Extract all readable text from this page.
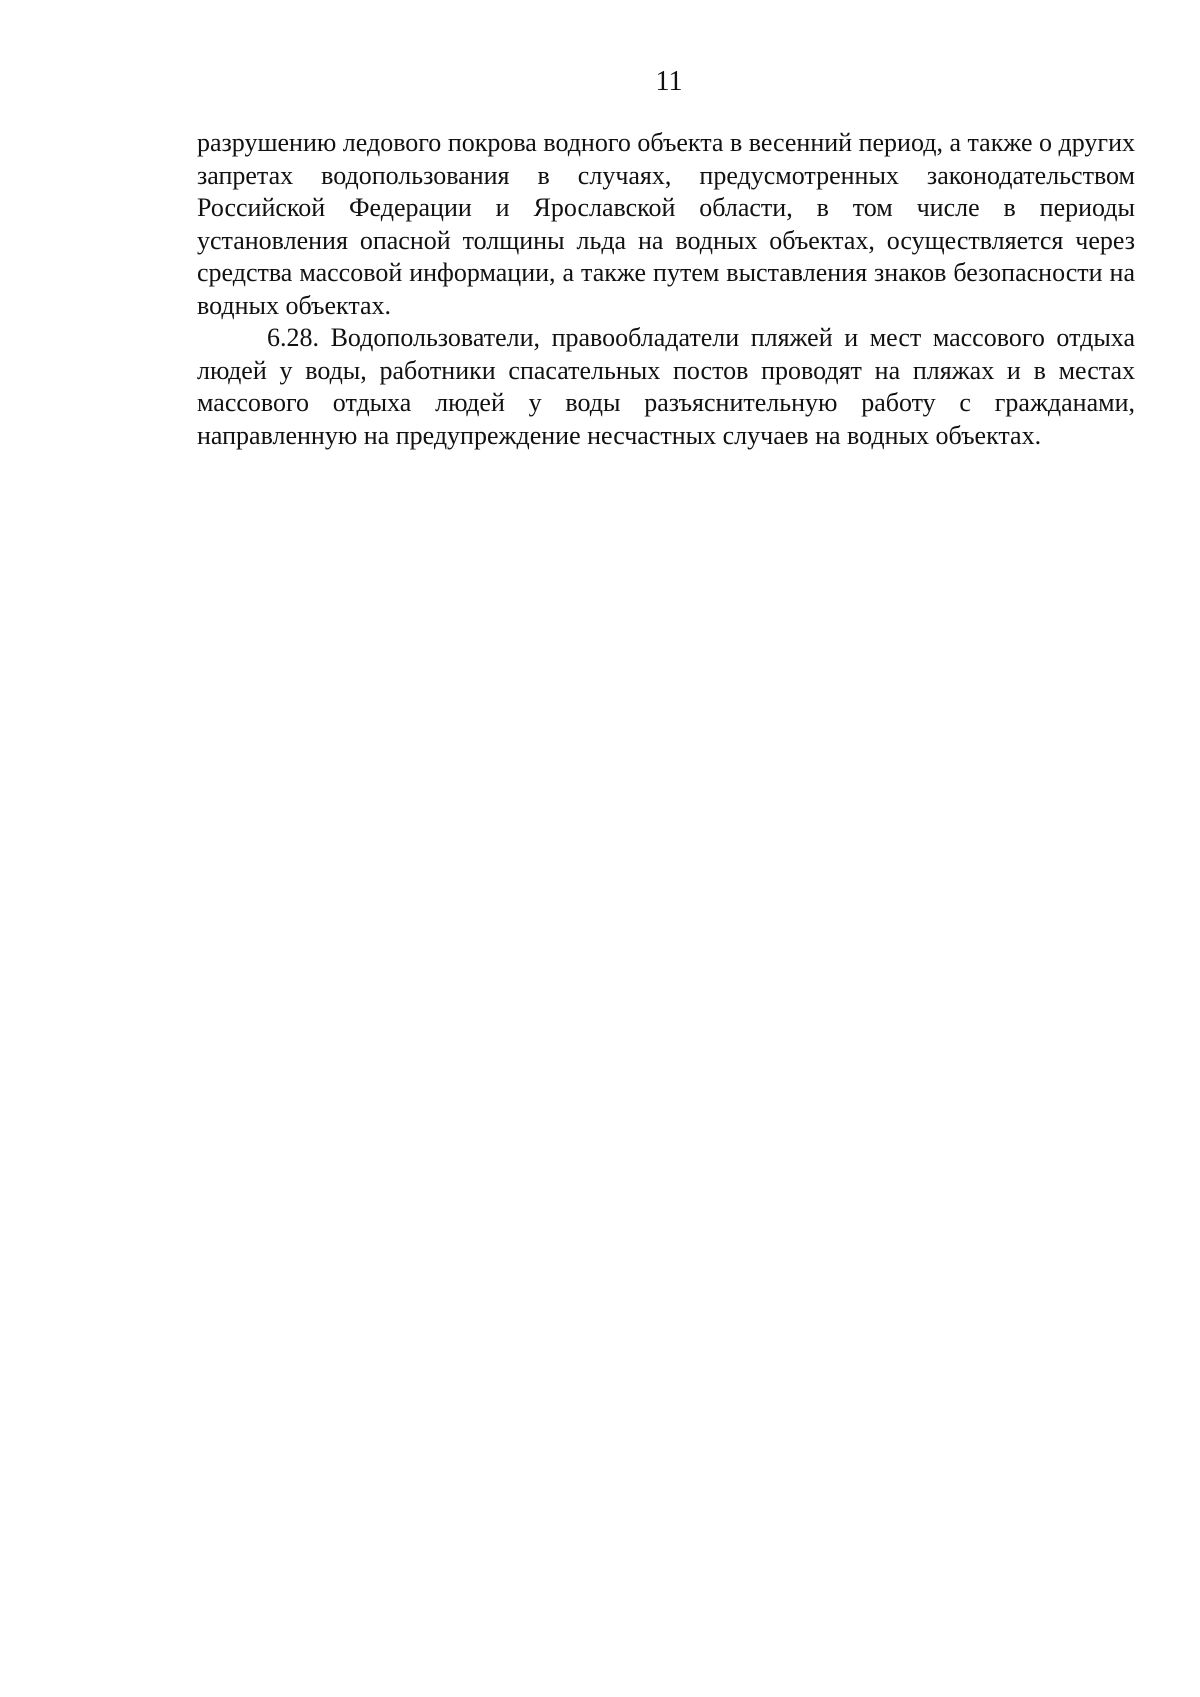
11

разрушению ледового покрова водного объекта в весенний период, а также о других запретах водопользования в случаях, предусмотренных законодательством Российской Федерации и Ярославской области, в том числе в периоды установления опасной толщины льда на водных объектах, осуществляется через средства массовой информации, а также путем выставления знаков безопасности на водных объектах.

6.28. Водопользователи, правообладатели пляжей и мест массового отдыха людей у воды, работники спасательных постов проводят на пляжах и в местах массового отдыха людей у воды разъяснительную работу с гражданами, направленную на предупреждение несчастных случаев на водных объектах.
